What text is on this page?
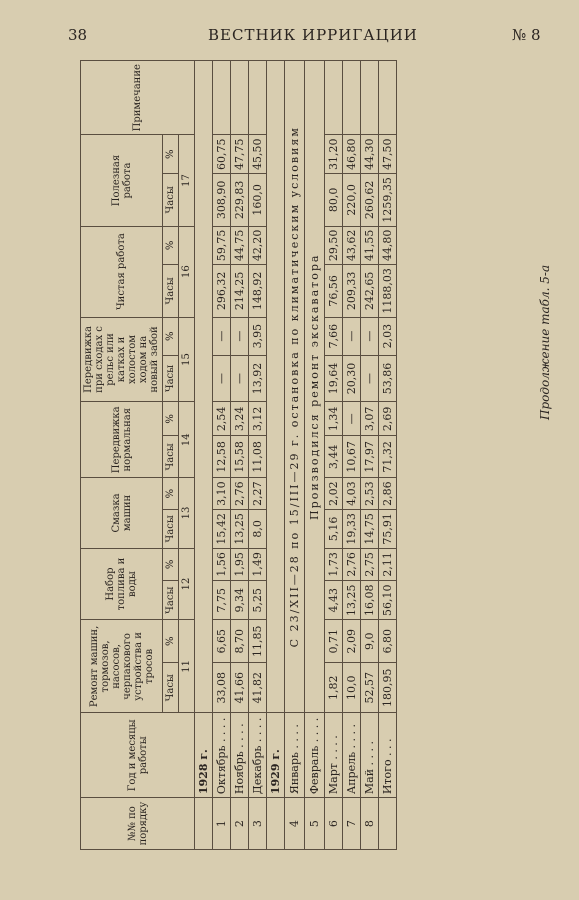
38	ВЕСТНИК ИРРИГАЦИИ	№ 8
Продолжение табл. 5-а
№№ по порядку	Год и месяцы работы	Ремонт машин, тормозов, насосов, черпакового устройства и тросов		Набор топлива и воды		Смазка машин		Передвижка нормальная		Передвижка при сходах с рельс или катках и холостом ходом на новый забой		Чистая работа		Полезная работа		Примечание
		Часы	%	Часы	%	Часы	%	Часы	%	Часы	%	Часы	%	Часы	%	
		11		12		13		14		15		16		17		
	1928 г.															
1	Октябрь . . . .	33,08	6,65	7,75	1,56	15,42	3,10	12,58	2,54	—	—	296,32	59,75	308,90	60,75	
2	Ноябрь . . . .	41,66	8,70	9,34	1,95	13,25	2,76	15,58	3,24	—	—	214,25	44,75	229,83	47,75	
3	Декабрь . . . .	41,82	11,85	5,25	1,49	8,0	2,27	11,08	3,12	13,92	3,95	148,92	42,20	160,0	45,50	
	1929 г.															
4	Январь . . . .	С 23/XII—28 по 15/III—29 г. остановка по климатическим условиям														
5	Февраль . . . .	Производился ремонт экскаватора														
6	Март . . . .	1,82	0,71	4,43	1,73	5,16	2,02	3,44	1,34	19,64	7,66	76,56	29,50	80,0	31,20	
7	Апрель . . . .	10,0	2,09	13,25	2,76	19,33	4,03	10,67	—	20,30	—	209,33	43,62	220,0	46,80	
8	Май . . . .	52,57	9,0	16,08	2,75	14,75	2,53	17,97	3,07	—	—	242,65	41,55	260,62	44,30	
	Итого . . .	180,95	6,80	56,10	2,11	75,91	2,86	71,32	2,69	53,86	2,03	1188,03	44,80	1259,35	47,50	
